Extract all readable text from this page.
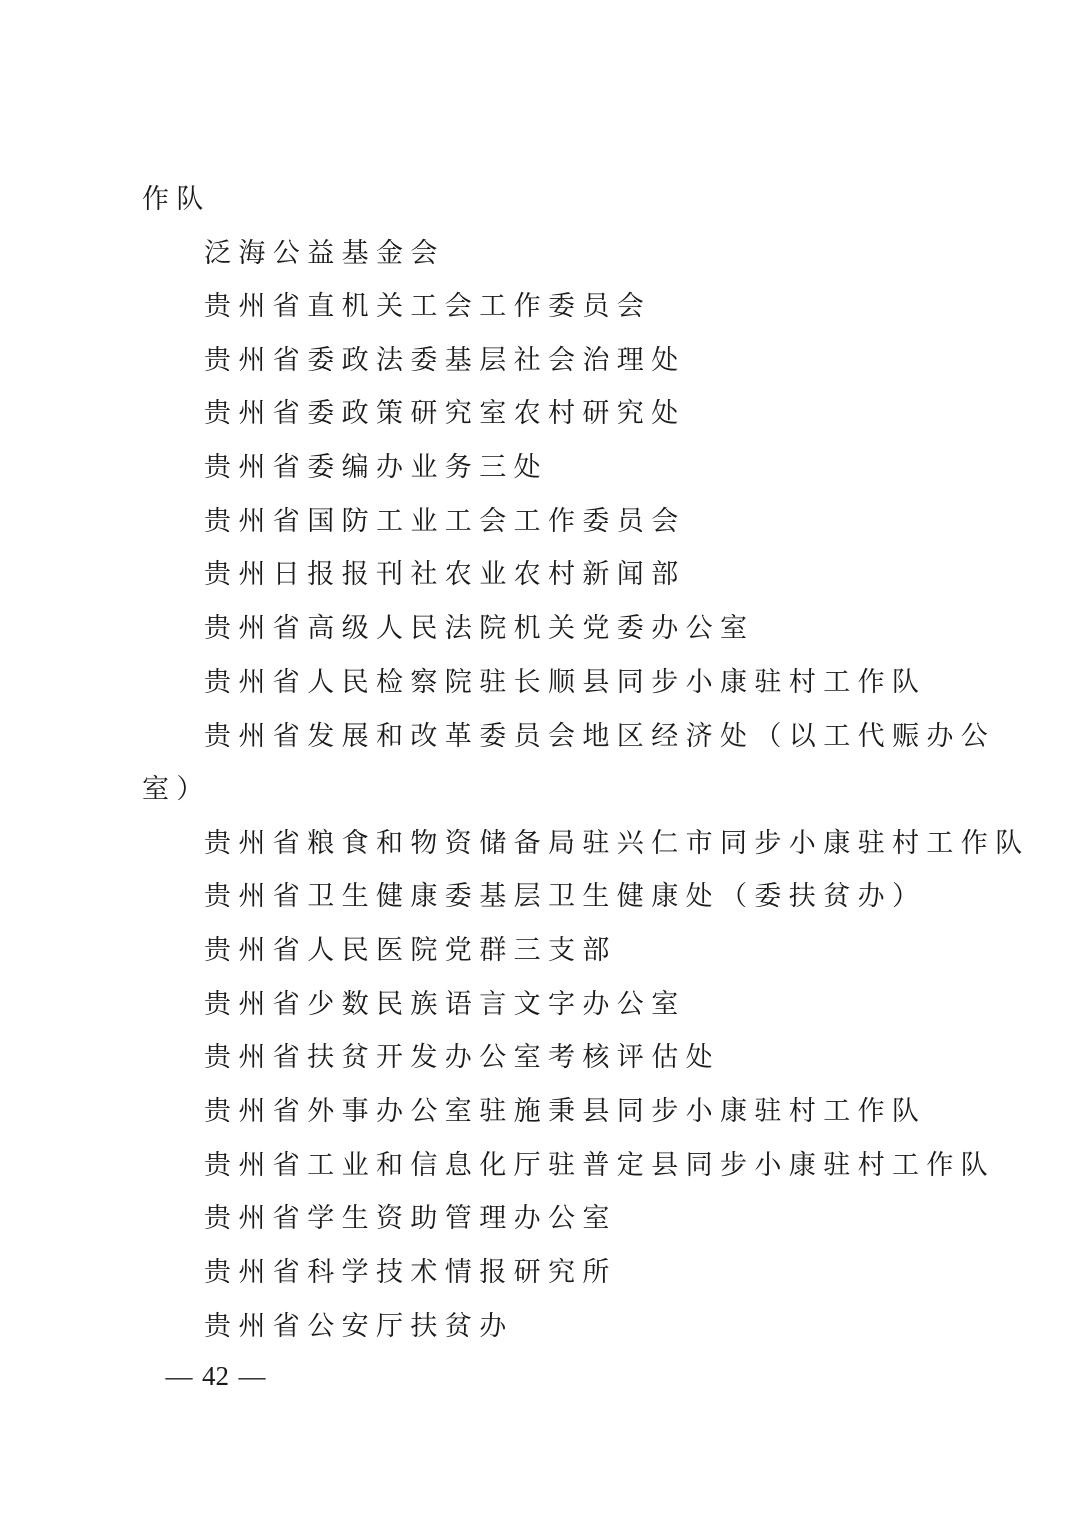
作队
泛海公益基金会
贵州省直机关工会工作委员会
贵州省委政法委基层社会治理处
贵州省委政策研究室农村研究处
贵州省委编办业务三处
贵州省国防工业工会工作委员会
贵州日报报刊社农业农村新闻部
贵州省高级人民法院机关党委办公室
贵州省人民检察院驻长顺县同步小康驻村工作队
贵州省发展和改革委员会地区经济处（以工代赈办公
室）
贵州省粮食和物资储备局驻兴仁市同步小康驻村工作队
贵州省卫生健康委基层卫生健康处（委扶贫办）
贵州省人民医院党群三支部
贵州省少数民族语言文字办公室
贵州省扶贫开发办公室考核评估处
贵州省外事办公室驻施秉县同步小康驻村工作队
贵州省工业和信息化厅驻普定县同步小康驻村工作队
贵州省学生资助管理办公室
贵州省科学技术情报研究所
贵州省公安厅扶贫办
— 42 —
